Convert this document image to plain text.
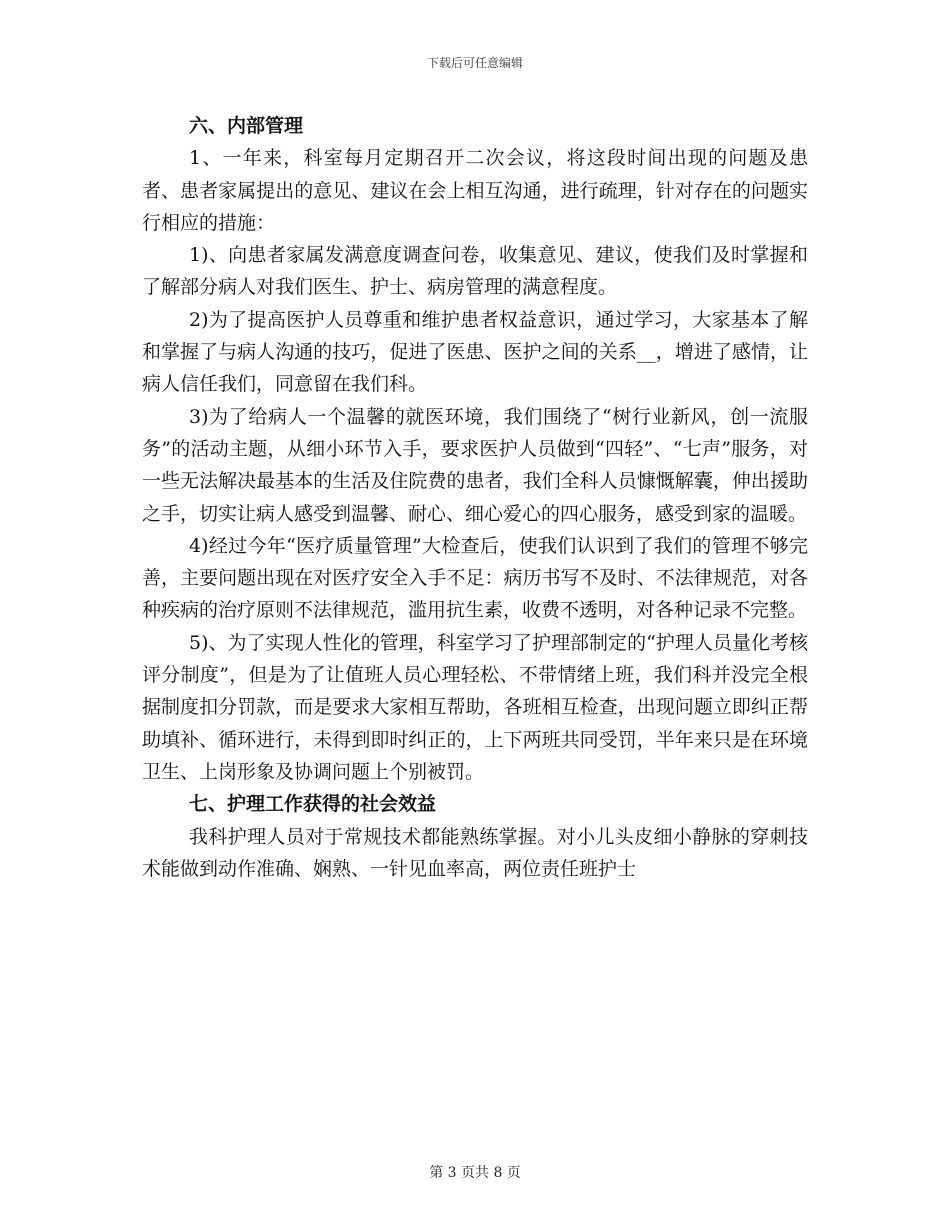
下载后可任意编辑

六、内部管理

1、一年来，科室每月定期召开二次会议，将这段时间出现的问题及患者、患者家属提出的意见、建议在会上相互沟通，进行疏理，针对存在的问题实行相应的措施：

1)、向患者家属发满意度调查问卷，收集意见、建议，使我们及时掌握和了解部分病人对我们医生、护士、病房管理的满意程度。

2)为了提高医护人员尊重和维护患者权益意识，通过学习，大家基本了解和掌握了与病人沟通的技巧，促进了医患、医护之间的关系__，增进了感情，让病人信任我们，同意留在我们科。

3)为了给病人一个温馨的就医环境，我们围绕了“树行业新风，创一流服务”的活动主题，从细小环节入手，要求医护人员做到“四轻”、“七声”服务，对一些无法解决最基本的生活及住院费的患者，我们全科人员慷慨解囊，伸出援助之手，切实让病人感受到温馨、耐心、细心爱心的四心服务，感受到家的温暖。

4)经过今年“医疗质量管理”大检查后，使我们认识到了我们的管理不够完善，主要问题出现在对医疗安全入手不足：病历书写不及时、不法律规范，对各种疾病的治疗原则不法律规范，滥用抗生素，收费不透明，对各种记录不完整。

5)、为了实现人性化的管理，科室学习了护理部制定的“护理人员量化考核评分制度”，但是为了让值班人员心理轻松、不带情绪上班，我们科并没完全根据制度扣分罚款，而是要求大家相互帮助，各班相互检查，出现问题立即纠正帮助填补、循环进行，未得到即时纠正的，上下两班共同受罚，半年来只是在环境卫生、上岗形象及协调问题上个别被罚。

七、护理工作获得的社会效益

我科护理人员对于常规技术都能熟练掌握。对小儿头皮细小静脉的穿刺技术能做到动作准确、娴熟、一针见血率高，两位责任班护士

第 3 页共 8 页
